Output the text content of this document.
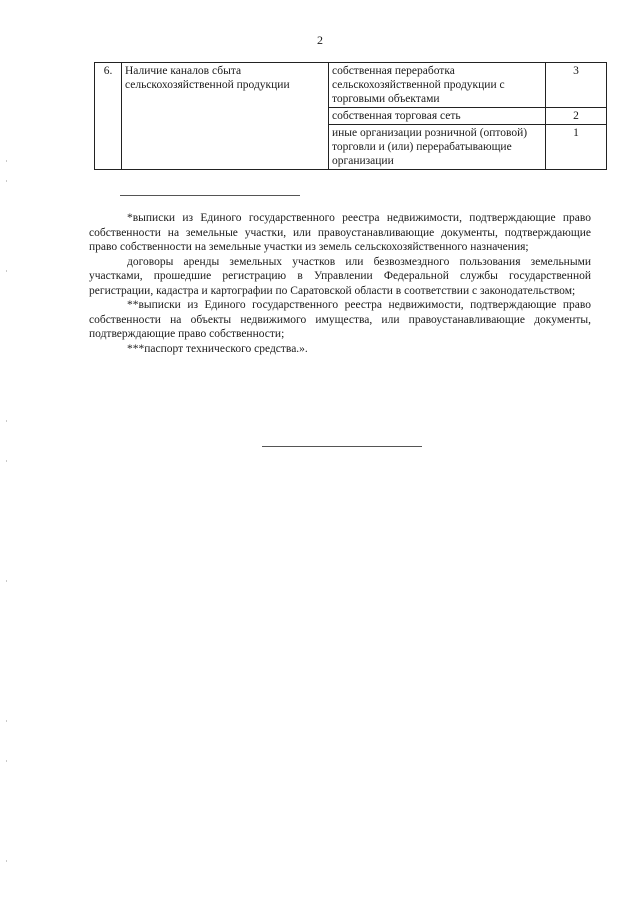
2
6.	Наличие каналов сбыта сельскохозяйственной продукции	собственная переработка сельскохозяйственной продукции с торговыми объектами	3
		собственная торговая сеть	2
		иные организации розничной (оптовой) торговли и (или) перерабатывающие организации	1

*выписки из Единого государственного реестра недвижимости, подтверждающие право собственности на земельные участки, или правоустанавливающие документы, подтверждающие право собственности на земельные участки из земель сельскохозяйственного назначения;

договоры аренды земельных участков или безвозмездного пользования земельными участками, прошедшие регистрацию в Управлении Федеральной службы государственной регистрации, кадастра и картографии по Саратовской области в соответствии с законодательством;

**выписки из Единого государственного реестра недвижимости, подтверждающие право собственности на объекты недвижимого имущества, или правоустанавливающие документы, подтверждающие право собственности;

***паспорт технического средства.».
